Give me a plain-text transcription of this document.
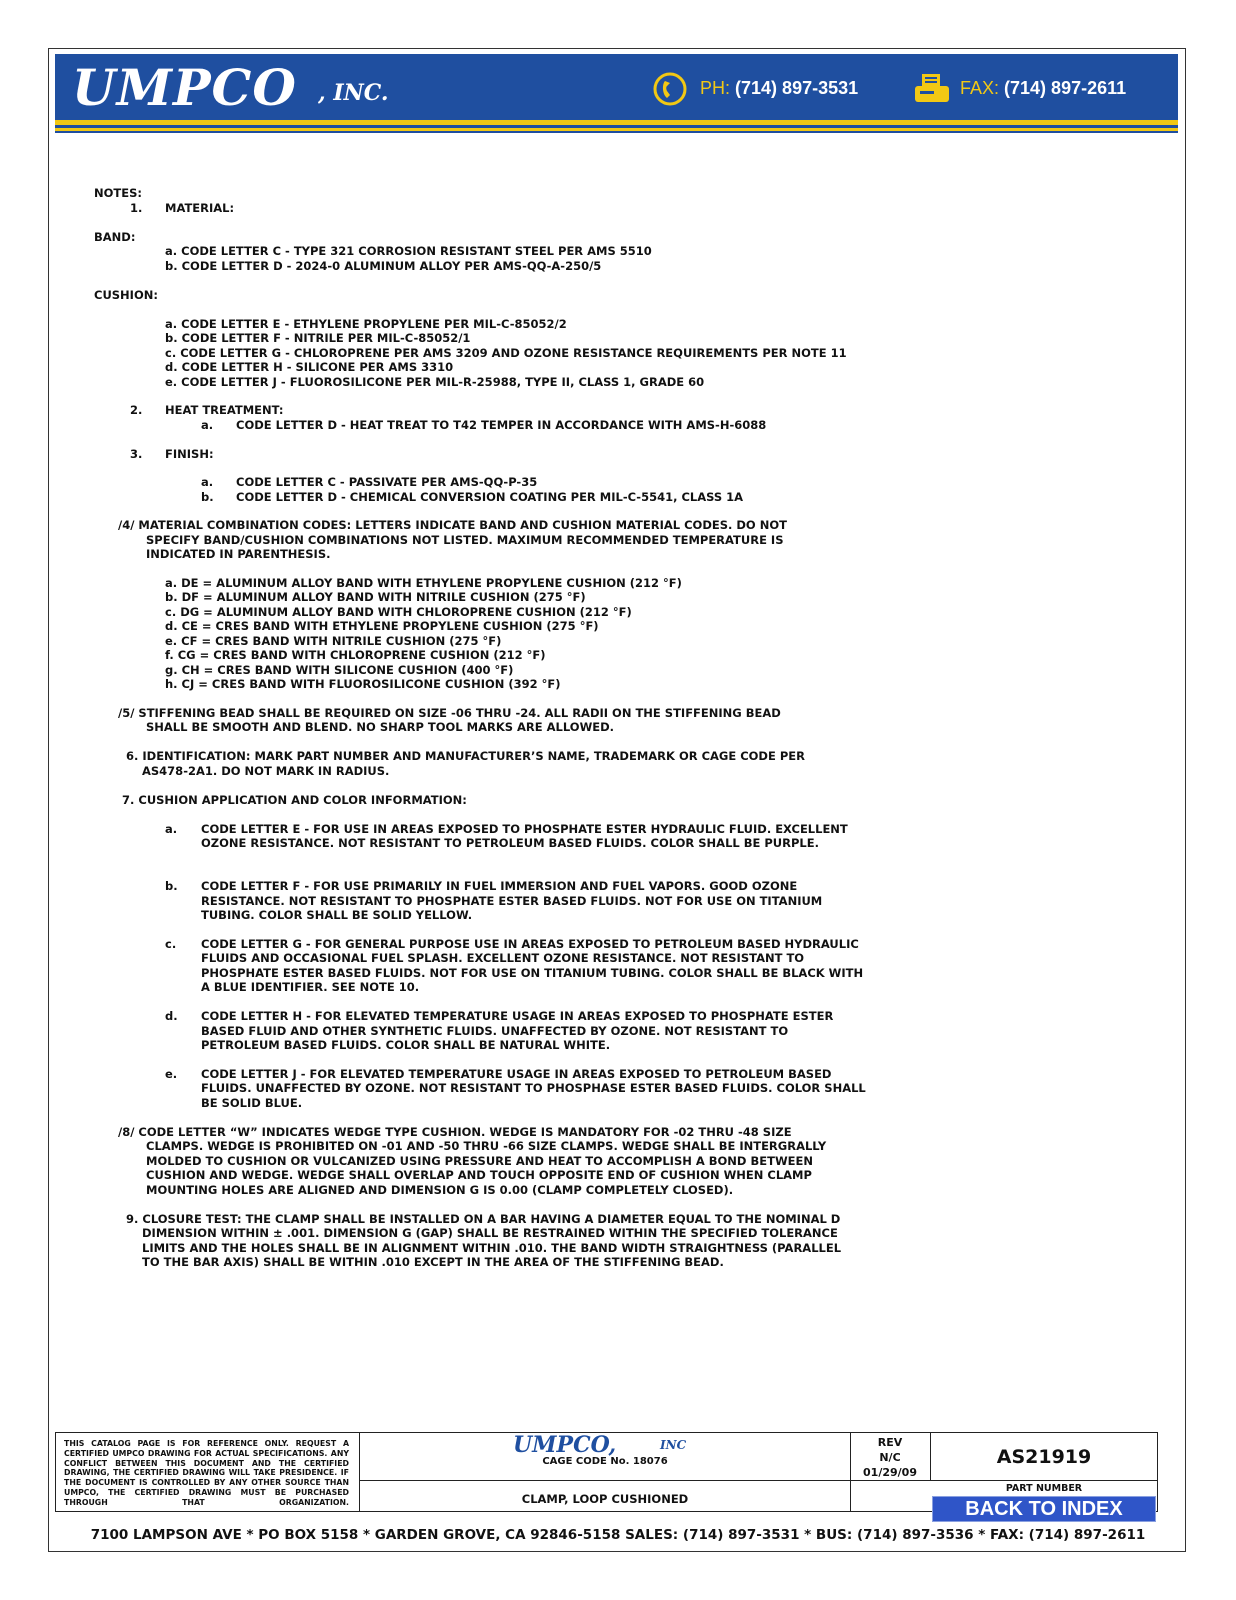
UMPCO , INC.	PH: (714) 897-3531	FAX: (714) 897-2611
NOTES:
1. MATERIAL:
BAND:
a. CODE LETTER C - TYPE 321 CORROSION RESISTANT STEEL PER AMS 5510
b. CODE LETTER D - 2024-0 ALUMINUM ALLOY PER AMS-QQ-A-250/5
CUSHION:
a. CODE LETTER E - ETHYLENE PROPYLENE PER MIL-C-85052/2
b. CODE LETTER F - NITRILE PER MIL-C-85052/1
c. CODE LETTER G - CHLOROPRENE PER AMS 3209 AND OZONE RESISTANCE REQUIREMENTS PER NOTE 11
d. CODE LETTER H - SILICONE PER AMS 3310
e. CODE LETTER J - FLUOROSILICONE PER MIL-R-25988, TYPE II, CLASS 1, GRADE 60
2. HEAT TREATMENT:
a. CODE LETTER D - HEAT TREAT TO T42 TEMPER IN ACCORDANCE WITH AMS-H-6088
3. FINISH:
a. CODE LETTER C - PASSIVATE PER AMS-QQ-P-35
b. CODE LETTER D - CHEMICAL CONVERSION COATING PER MIL-C-5541, CLASS 1A
/4/ MATERIAL COMBINATION CODES: LETTERS INDICATE BAND AND CUSHION MATERIAL CODES. DO NOT
SPECIFY BAND/CUSHION COMBINATIONS NOT LISTED. MAXIMUM RECOMMENDED TEMPERATURE IS
INDICATED IN PARENTHESIS.
a. DE = ALUMINUM ALLOY BAND WITH ETHYLENE PROPYLENE CUSHION (212 °F)
b. DF = ALUMINUM ALLOY BAND WITH NITRILE CUSHION (275 °F)
c. DG = ALUMINUM ALLOY BAND WITH CHLOROPRENE CUSHION (212 °F)
d. CE = CRES BAND WITH ETHYLENE PROPYLENE CUSHION (275 °F)
e. CF = CRES BAND WITH NITRILE CUSHION (275 °F)
f. CG = CRES BAND WITH CHLOROPRENE CUSHION (212 °F)
g. CH = CRES BAND WITH SILICONE CUSHION (400 °F)
h. CJ = CRES BAND WITH FLUOROSILICONE CUSHION (392 °F)
/5/ STIFFENING BEAD SHALL BE REQUIRED ON SIZE -06 THRU -24. ALL RADII ON THE STIFFENING BEAD
SHALL BE SMOOTH AND BLEND. NO SHARP TOOL MARKS ARE ALLOWED.
6. IDENTIFICATION: MARK PART NUMBER AND MANUFACTURER’S NAME, TRADEMARK OR CAGE CODE PER
AS478-2A1. DO NOT MARK IN RADIUS.
7. CUSHION APPLICATION AND COLOR INFORMATION:
a. CODE LETTER E - FOR USE IN AREAS EXPOSED TO PHOSPHATE ESTER HYDRAULIC FLUID. EXCELLENT
OZONE RESISTANCE. NOT RESISTANT TO PETROLEUM BASED FLUIDS. COLOR SHALL BE PURPLE.
b. CODE LETTER F - FOR USE PRIMARILY IN FUEL IMMERSION AND FUEL VAPORS. GOOD OZONE
RESISTANCE. NOT RESISTANT TO PHOSPHATE ESTER BASED FLUIDS. NOT FOR USE ON TITANIUM
TUBING. COLOR SHALL BE SOLID YELLOW.
c. CODE LETTER G - FOR GENERAL PURPOSE USE IN AREAS EXPOSED TO PETROLEUM BASED HYDRAULIC
FLUIDS AND OCCASIONAL FUEL SPLASH. EXCELLENT OZONE RESISTANCE. NOT RESISTANT TO
PHOSPHATE ESTER BASED FLUIDS. NOT FOR USE ON TITANIUM TUBING. COLOR SHALL BE BLACK WITH
A BLUE IDENTIFIER. SEE NOTE 10.
d. CODE LETTER H - FOR ELEVATED TEMPERATURE USAGE IN AREAS EXPOSED TO PHOSPHATE ESTER
BASED FLUID AND OTHER SYNTHETIC FLUIDS. UNAFFECTED BY OZONE. NOT RESISTANT TO
PETROLEUM BASED FLUIDS. COLOR SHALL BE NATURAL WHITE.
e. CODE LETTER J - FOR ELEVATED TEMPERATURE USAGE IN AREAS EXPOSED TO PETROLEUM BASED
FLUIDS. UNAFFECTED BY OZONE. NOT RESISTANT TO PHOSPHASE ESTER BASED FLUIDS. COLOR SHALL
BE SOLID BLUE.
/8/ CODE LETTER “W” INDICATES WEDGE TYPE CUSHION. WEDGE IS MANDATORY FOR -02 THRU -48 SIZE
CLAMPS. WEDGE IS PROHIBITED ON -01 AND -50 THRU -66 SIZE CLAMPS. WEDGE SHALL BE INTERGRALLY
MOLDED TO CUSHION OR VULCANIZED USING PRESSURE AND HEAT TO ACCOMPLISH A BOND BETWEEN
CUSHION AND WEDGE. WEDGE SHALL OVERLAP AND TOUCH OPPOSITE END OF CUSHION WHEN CLAMP
MOUNTING HOLES ARE ALIGNED AND DIMENSION G IS 0.00 (CLAMP COMPLETELY CLOSED).
9. CLOSURE TEST: THE CLAMP SHALL BE INSTALLED ON A BAR HAVING A DIAMETER EQUAL TO THE NOMINAL D
DIMENSION WITHIN ± .001. DIMENSION G (GAP) SHALL BE RESTRAINED WITHIN THE SPECIFIED TOLERANCE
LIMITS AND THE HOLES SHALL BE IN ALIGNMENT WITHIN .010. THE BAND WIDTH STRAIGHTNESS (PARALLEL
TO THE BAR AXIS) SHALL BE WITHIN .010 EXCEPT IN THE AREA OF THE STIFFENING BEAD.
THIS CATALOG PAGE IS FOR REFERENCE ONLY. REQUEST A CERTIFIED UMPCO DRAWING FOR ACTUAL SPECIFICATIONS. ANY CONFLICT BETWEEN THIS DOCUMENT AND THE CERTIFIED DRAWING, THE CERTIFIED DRAWING WILL TAKE PRESIDENCE. IF THE DOCUMENT IS CONTROLLED BY ANY OTHER SOURCE THAN UMPCO, THE CERTIFIED DRAWING MUST BE PURCHASED THROUGH THAT ORGANIZATION.
UMPCO,	INC
CAGE CODE No. 18076
CLAMP, LOOP CUSHIONED
REV
N/C
01/29/09
AS21919
PART NUMBER
BACK TO INDEX
7100 LAMPSON AVE * PO BOX 5158 * GARDEN GROVE, CA 92846-5158 SALES: (714) 897-3531 * BUS: (714) 897-3536 * FAX: (714) 897-2611
